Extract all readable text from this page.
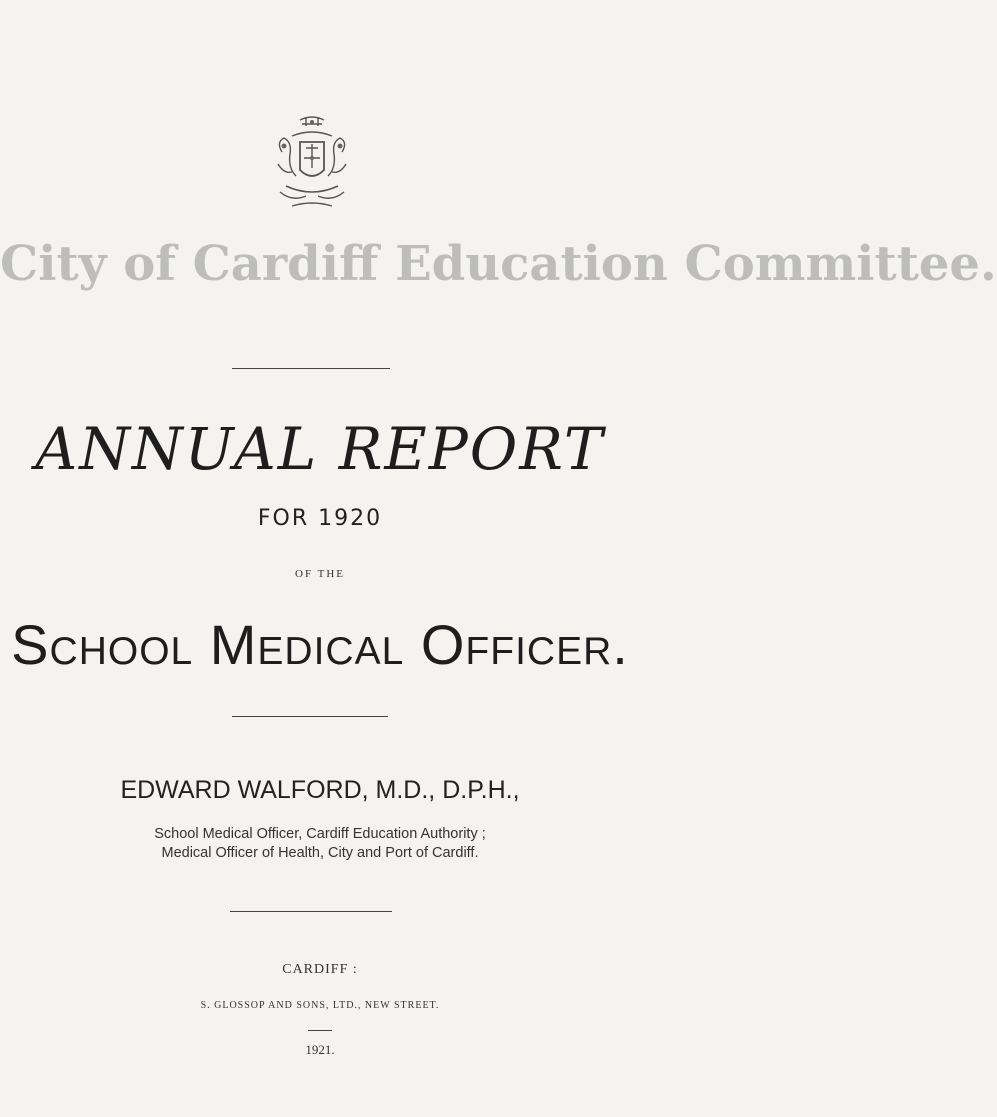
City of Cardiff Education Committee.
ANNUAL REPORT
FOR 1920
OF THE
School Medical Officer.
EDWARD WALFORD, M.D., D.P.H.,
School Medical Officer, Cardiff Education Authority ;
Medical Officer of Health, City and Port of Cardiff.
CARDIFF :
S. GLOSSOP AND SONS, LTD., NEW STREET.
1921.
